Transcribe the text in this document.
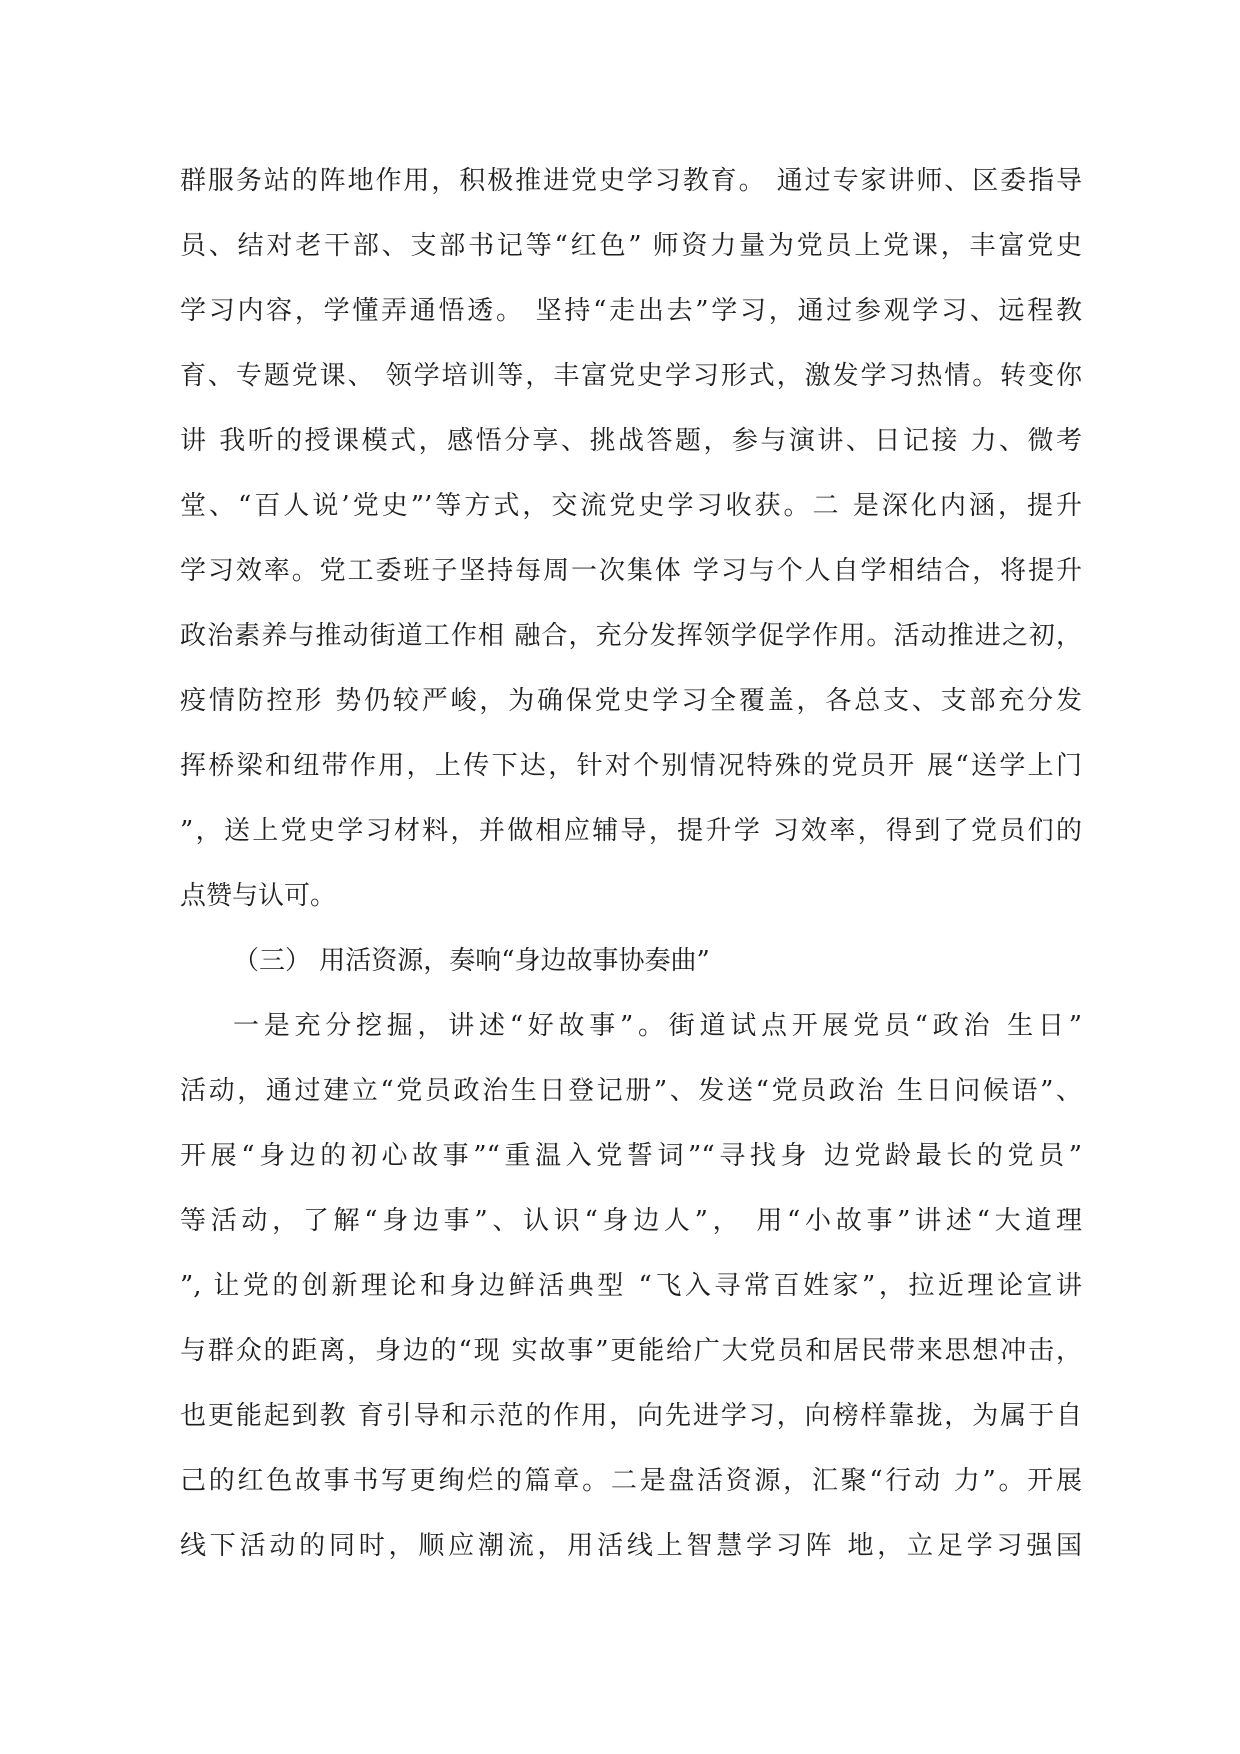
群服务站的阵地作用，积极推进党史学习教育。 通过专家讲师、区委指导
员、结对老干部、支部书记等“红色” 师资力量为党员上党课，丰富党史
学习内容，学懂弄通悟透。 坚持“走出去”学习，通过参观学习、远程教
育、专题党课、 领学培训等，丰富党史学习形式，激发学习热情。转变你
讲 我听的授课模式，感悟分享、挑战答题，参与演讲、日记接 力、微考
堂、“百人说’党史”’等方式，交流党史学习收获。二 是深化内涵，提升
学习效率。党工委班子坚持每周一次集体 学习与个人自学相结合，将提升
政治素养与推动街道工作相 融合，充分发挥领学促学作用。活动推进之初，
疫情防控形 势仍较严峻，为确保党史学习全覆盖，各总支、支部充分发
挥桥梁和纽带作用，上传下达，针对个别情况特殊的党员开 展“送学上门
”，送上党史学习材料，并做相应辅导，提升学 习效率，得到了党员们的
点赞与认可。
（三） 用活资源，奏响“身边故事协奏曲”
一是充分挖掘，讲述“好故事”。街道试点开展党员“政治 生日”
活动，通过建立“党员政治生日登记册”、发送“党员政治 生日问候语”、
开展“身边的初心故事”“重温入党誓词”“寻找身 边党龄最长的党员”
等活动，了解“身边事”、认识“身边人”， 用“小故事”讲述“大道理
”, 让党的创新理论和身边鲜活典型 “飞入寻常百姓家”，拉近理论宣讲
与群众的距离，身边的“现 实故事”更能给广大党员和居民带来思想冲击，
也更能起到教 育引导和示范的作用，向先进学习，向榜样靠拢，为属于自
己的红色故事书写更绚烂的篇章。二是盘活资源，汇聚“行动 力”。开展
线下活动的同时，顺应潮流，用活线上智慧学习阵 地，立足学习强国
